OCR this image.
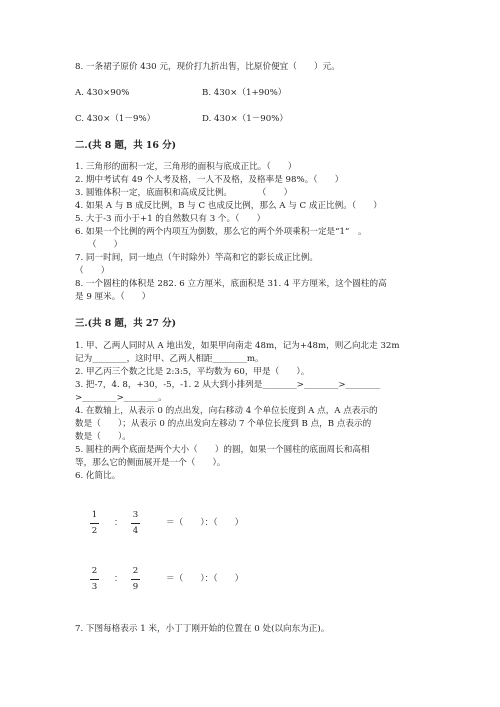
8. 一条裙子原价 430 元，现价打九折出售，比原价便宜（　　）元。
A. 430×90%	B. 430×（1+90%）
C. 430×（1－9%）	D. 430×（1－90%）
二.(共 8 题，共 16 分)
1. 三角形的面积一定，三角形的面积与底成正比。（　　）
2. 期中考试有 49 个人考及格，一人不及格，及格率是 98%。（　　）
3. 圆锥体积一定，底面积和高成反比例。　　　　（　　）
4. 如果 A 与 B 成反比例，B 与 C 也成反比例，那么 A 与 C 成正比例。（　　）
5. 大于-3 而小于+1 的自然数只有 3 个。（　　）
6. 如果一个比例的两个内项互为倒数，那么它的两个外项乘积一定是“1”　。
　　（　　）
7. 同一时间，同一地点（午时除外）竿高和它的影长成正比例。
（　　）
8. 一个圆柱的体积是 282. 6 立方厘米，底面积是 31. 4 平方厘米，这个圆柱的高
是 9 厘米。（　　）
三.(共 8 题，共 27 分)
1. 甲、乙两人同时从 A 地出发，如果甲向南走 48m，记为+48m，则乙向北走 32m
记为________，这时甲、乙两人相距________m。
2. 甲乙丙三个数之比是 2:3:5，平均数为 60，甲是（　　）。
3. 把-7，4. 8，+30，-5，-1. 2 从大到小排列是________>________>________
>________>________。
4. 在数轴上，从表示 0 的点出发，向右移动 4 个单位长度到 A 点，A 点表示的
数是（　　）；从表示 0 的点出发向左移动 7 个单位长度到 B 点，B 点表示的
数是（　　）。
5. 圆柱的两个底面是两个大小（　　）的圆，如果一个圆柱的底面周长和高相
等，那么它的侧面展开是一个（　　）。
6. 化简比。
1
2
：
3
4
＝（　　）：（　　）
2
3
：
2
9
＝（　　）：（　　）
7. 下图每格表示 1 米，小丁丁刚开始的位置在 0 处(以向东为正)。
